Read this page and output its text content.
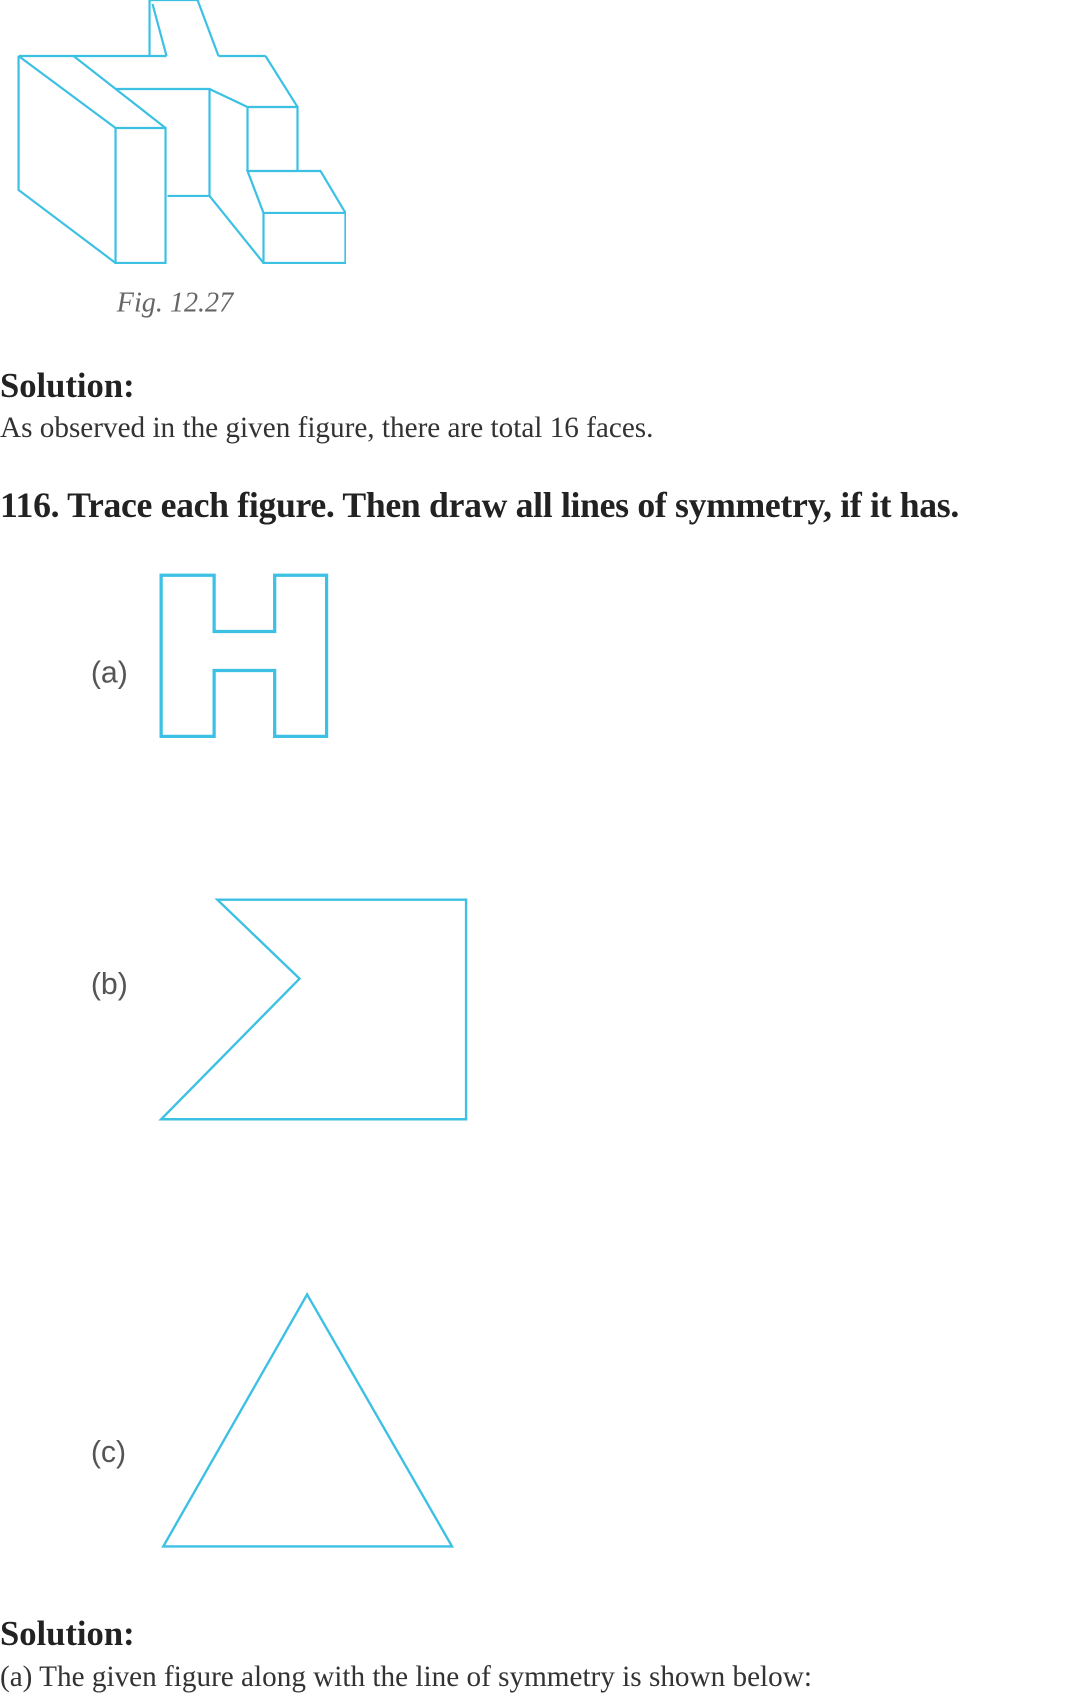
Fig. 12.27
Solution:
As observed in the given figure, there are total 16 faces.
116. Trace each figure. Then draw all lines of symmetry, if it has.
(a)
(b)
(c)
Solution:
(a) The given figure along with the line of symmetry is shown below:
